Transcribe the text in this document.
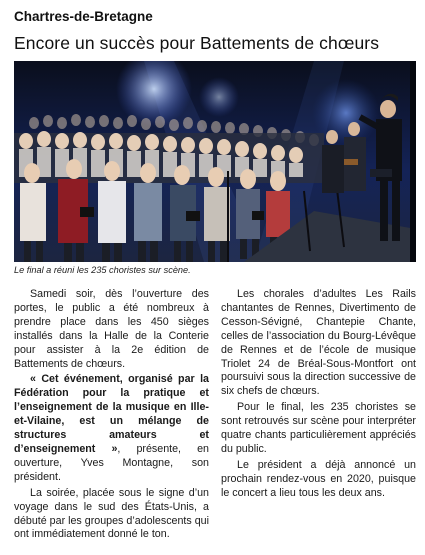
Chartres-de-Bretagne
Encore un succès pour Battements de chœurs
Le final a réuni les 235 choristes sur scène.

Samedi soir, dès l’ouverture des portes, le public a été nombreux à prendre place dans les 450 sièges installés dans la Halle de la Conterie pour assister à la 2e édition de Battements de chœurs.

« Cet événement, organisé par la Fédération pour la pratique et l’enseignement de la musique en Ille-et-Vilaine, est un mélange de structures amateurs et d’enseignement », présente, en ouverture, Yves Montagne, son président.

La soirée, placée sous le signe d’un voyage dans le sud des États-Unis, a débuté par les groupes d’adolescents qui ont immédiatement donné le ton.

Les chorales d’adultes Les Rails chantantes de Rennes, Divertimento de Cesson-Sévigné, Chantepie Chante, celles de l’association du Bourg-Lévêque de Rennes et de l’école de musique Triolet 24 de Bréal-Sous-Montfort ont poursuivi sous la direction successive de six chefs de chœurs.

Pour le final, les 235 choristes se sont retrouvés sur scène pour interpréter quatre chants particulièrement appréciés du public.

Le président a déjà annoncé un prochain rendez-vous en 2020, puisque le concert a lieu tous les deux ans.
